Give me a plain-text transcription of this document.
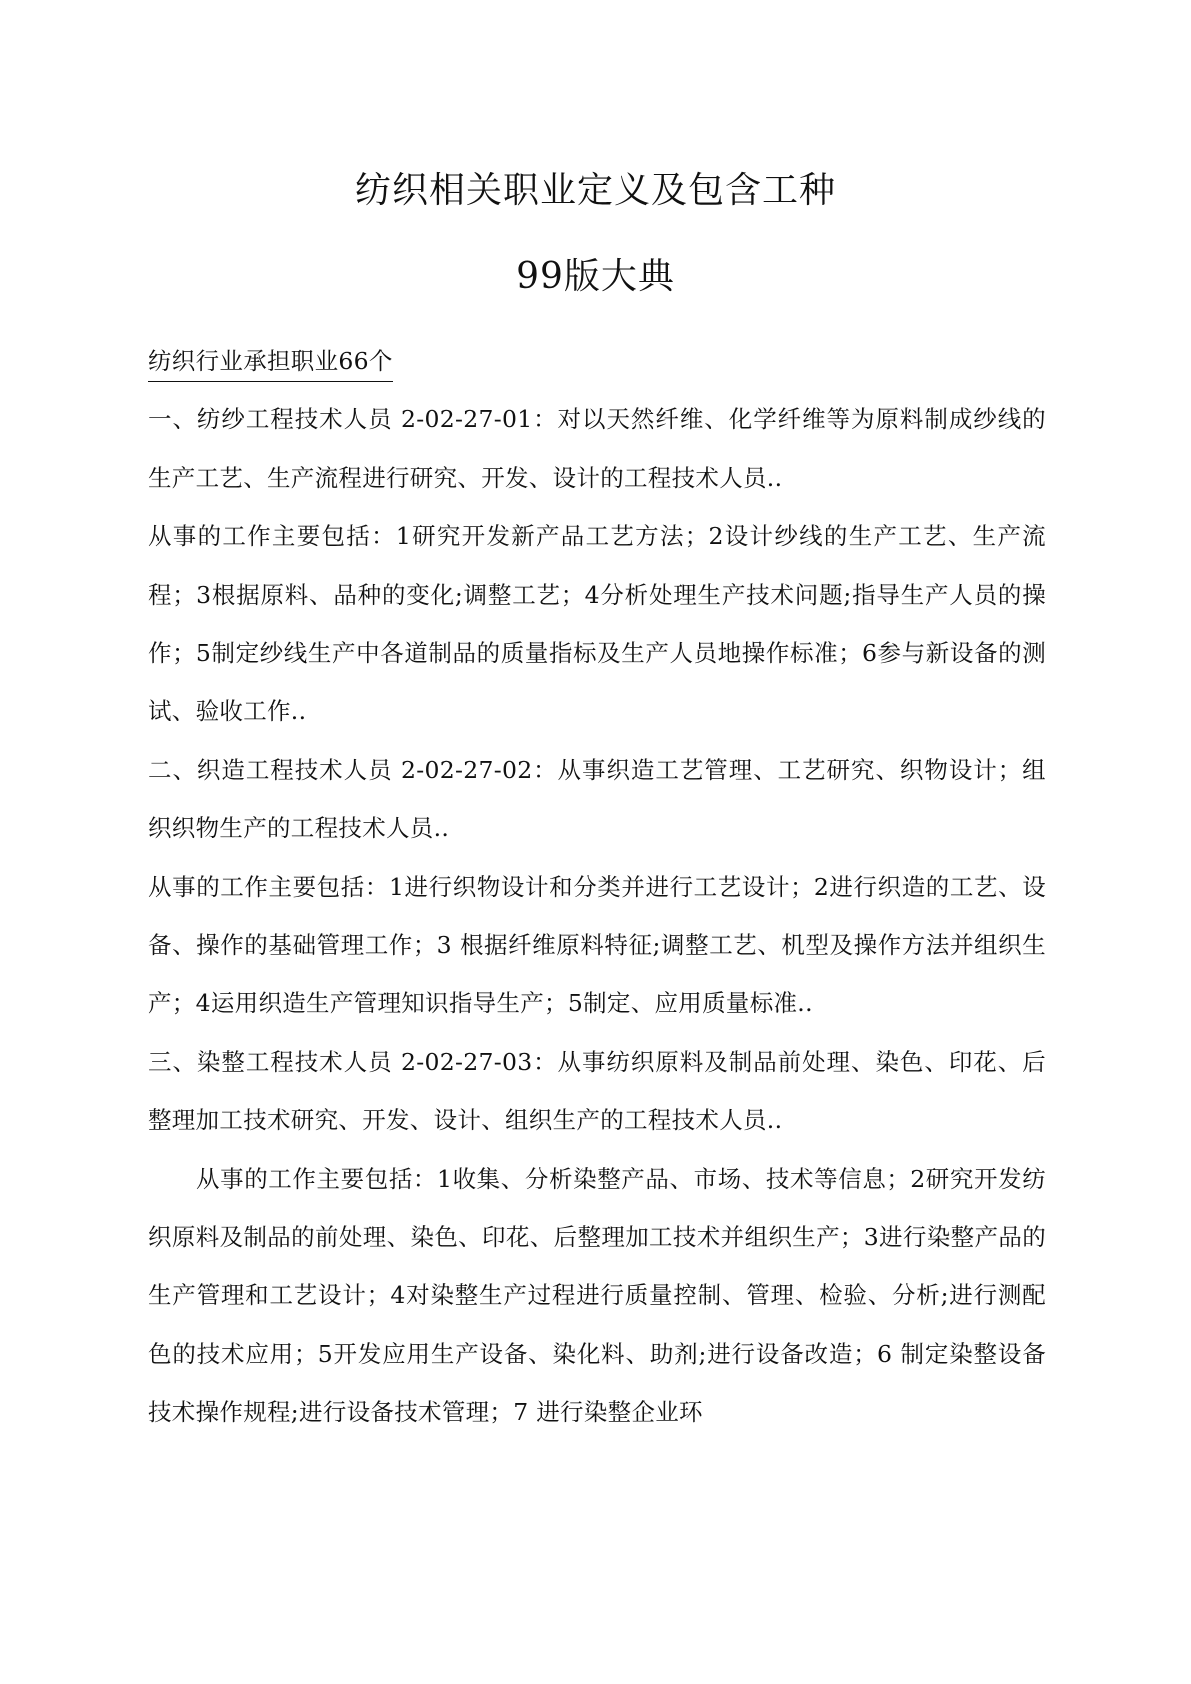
纺织相关职业定义及包含工种
99版大典
纺织行业承担职业66个

一、纺纱工程技术人员 2-02-27-01：对以天然纤维、化学纤维等为原料制成纱线的生产工艺、生产流程进行研究、开发、设计的工程技术人员..

从事的工作主要包括：1研究开发新产品工艺方法；2设计纱线的生产工艺、生产流程；3根据原料、品种的变化;调整工艺；4分析处理生产技术问题;指导生产人员的操作；5制定纱线生产中各道制品的质量指标及生产人员地操作标准；6参与新设备的测试、验收工作..

二、织造工程技术人员 2-02-27-02：从事织造工艺管理、工艺研究、织物设计；组织织物生产的工程技术人员..

从事的工作主要包括：1进行织物设计和分类并进行工艺设计；2进行织造的工艺、设备、操作的基础管理工作；3 根据纤维原料特征;调整工艺、机型及操作方法并组织生产；4运用织造生产管理知识指导生产；5制定、应用质量标准..

三、染整工程技术人员 2-02-27-03：从事纺织原料及制品前处理、染色、印花、后整理加工技术研究、开发、设计、组织生产的工程技术人员..

从事的工作主要包括：1收集、分析染整产品、市场、技术等信息；2研究开发纺织原料及制品的前处理、染色、印花、后整理加工技术并组织生产；3进行染整产品的生产管理和工艺设计；4对染整生产过程进行质量控制、管理、检验、分析;进行测配色的技术应用；5开发应用生产设备、染化料、助剂;进行设备改造；6 制定染整设备技术操作规程;进行设备技术管理；7 进行染整企业环
